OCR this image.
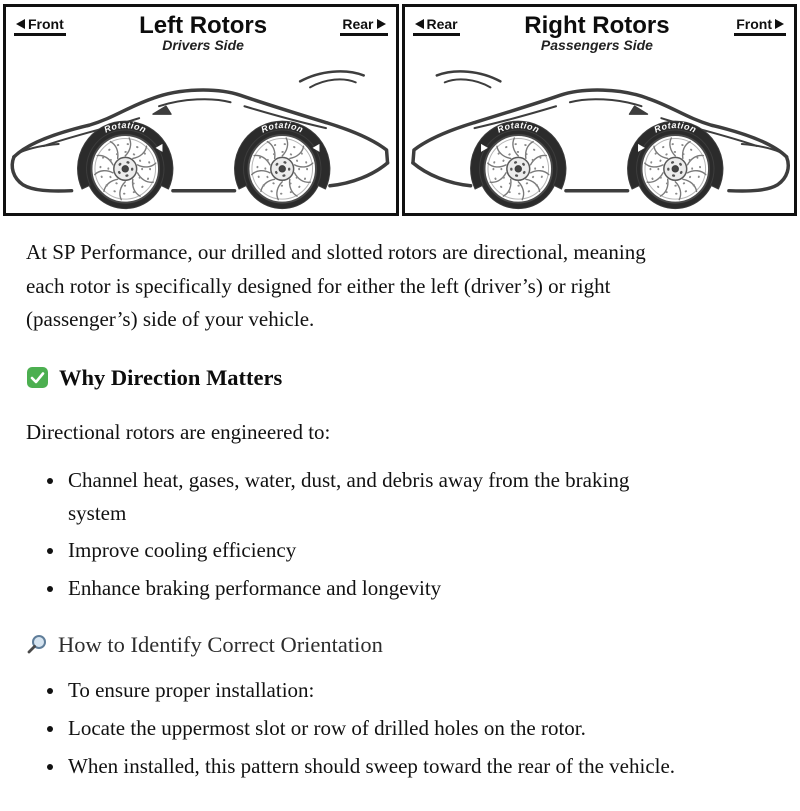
Front	Left Rotors
Drivers Side
Rear
Rotation	Rotation
Rear	Right Rotors
Passengers Side
Front
Rotation	Rotation

At SP Performance, our drilled and slotted rotors are directional, meaning each rotor is specifically designed for either the left (driver’s) or right (passenger’s) side of your vehicle.

Why Direction Matters

Directional rotors are engineered to:

• Channel heat, gases, water, dust, and debris away from the braking system
• Improve cooling efficiency
• Enhance braking performance and longevity
How to Identify Correct Orientation
• To ensure proper installation:
• Locate the uppermost slot or row of drilled holes on the rotor.
• When installed, this pattern should sweep toward the rear of the vehicle.
